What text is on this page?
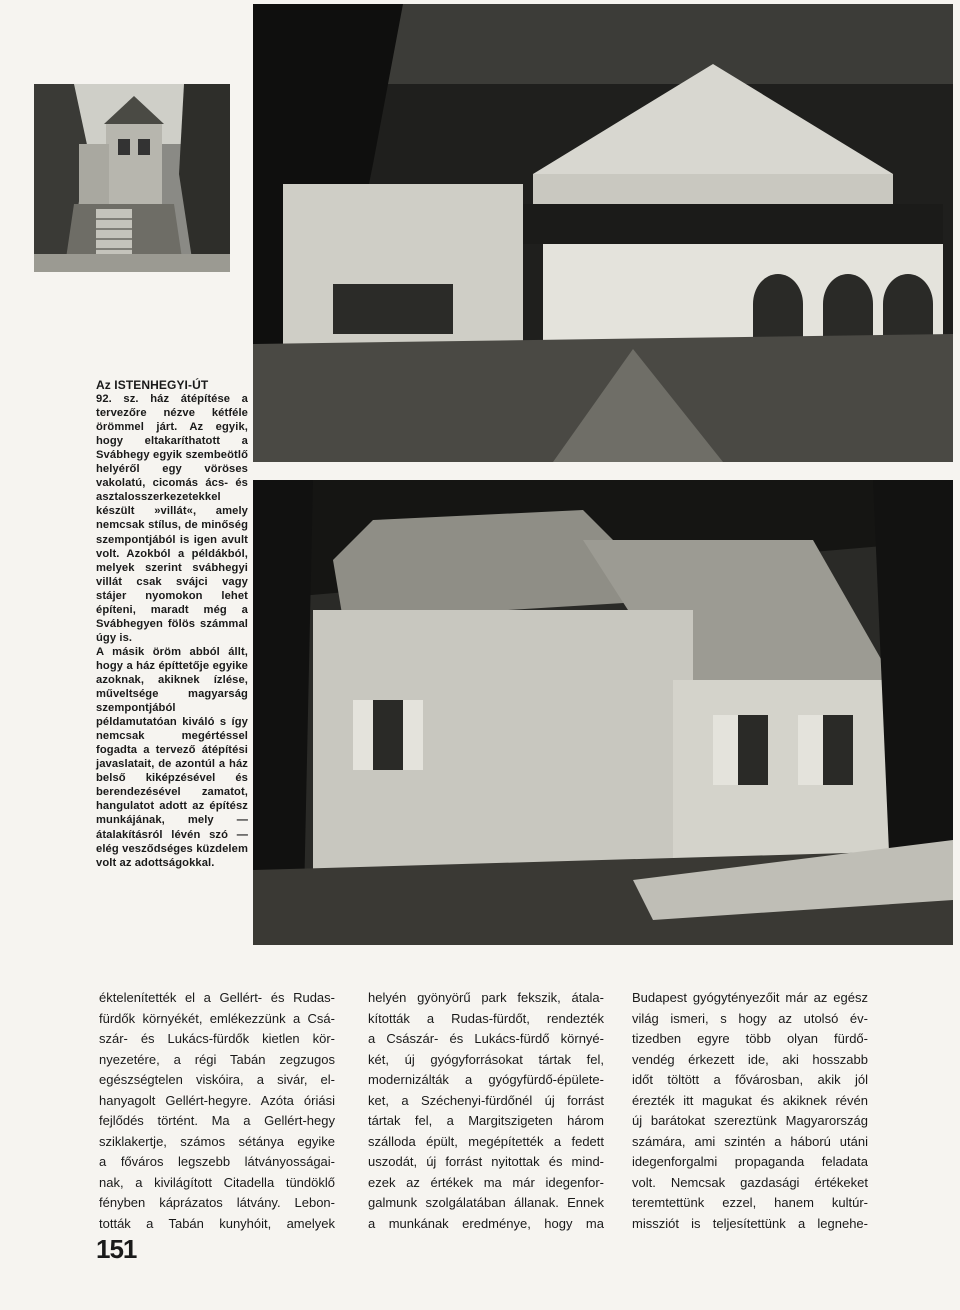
Az ISTENHEGYI-ÚT

92. sz. ház átépítése a tervezőre nézve kétféle örömmel járt. Az egyik, hogy eltakaríthatott a Svábhegy egyik szembeötlő helyéről egy vöröses vakolatú, cicomás ács- és asztalosszerkezetekkel készült »villát«, amely nemcsak stílus, de minőség szempontjából is igen avult volt. Azokból a példákból, melyek szerint svábhegyi villát csak svájci vagy stájer nyomokon lehet építeni, maradt még a Svábhegyen fölös számmal úgy is.

A másik öröm abból állt, hogy a ház építtetője egyike azoknak, akiknek ízlése, műveltsége magyarság szempontjából példamutatóan kiváló s így nemcsak megértéssel fogadta a tervező átépítési javaslatait, de azontúl a ház belső kiképzésével és berendezésével zamatot, hangulatot adott az építész munkájának, mely — átalakításról lévén szó — elég vesződséges küzdelem volt az adottságokkal.

éktelenítették el a Gellért- és Rudas-
fürdők környékét, emlékezzünk a Csá-
szár- és Lukács-fürdők kietlen kör-
nyezetére, a régi Tabán zegzugos
egészségtelen viskóira, a sivár, el-
hanyagolt Gellért-hegyre. Azóta óriási
fejlődés történt. Ma a Gellért-hegy
sziklakertje, számos sétánya egyike
a főváros legszebb látványosságai-
nak, a kivilágított Citadella tündöklő
fényben káprázatos látvány. Lebon-
tották a Tabán kunyhóit, amelyek
helyén gyönyörű park fekszik, átala-
kították a Rudas-fürdőt, rendezték
a Császár- és Lukács-fürdő környé-
két, új gyógyforrásokat tártak fel,
modernizálták a gyógyfürdő-épülete-
ket, a Széchenyi-fürdőnél új forrást
tártak fel, a Margitszigeten három
szálloda épült, megépítették a fedett
uszodát, új forrást nyitottak és mind-
ezek az értékek ma már idegenfor-
galmunk szolgálatában állanak. Ennek
a munkának eredménye, hogy ma
Budapest gyógytényezőit már az egész
világ ismeri, s hogy az utolsó év-
tizedben egyre több olyan fürdő-
vendég érkezett ide, aki hosszabb
időt töltött a fővárosban, akik jól
érezték itt magukat és akiknek révén
új barátokat szereztünk Magyarország
számára, ami szintén a háború utáni
idegenforgalmi propaganda feladata
volt. Nemcsak gazdasági értékeket
teremtettünk ezzel, hanem kultúr-
missziót is teljesítettünk a legnehe-
151
